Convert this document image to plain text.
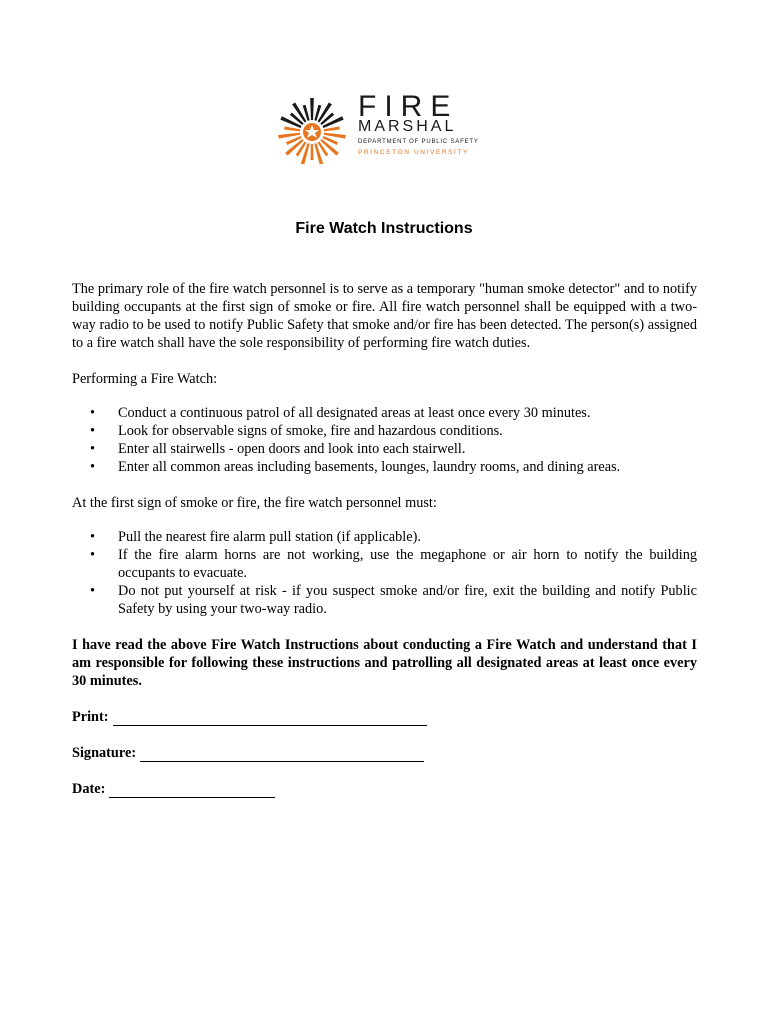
FIRE
MARSHAL
DEPARTMENT OF PUBLIC SAFETY
PRINCETON UNIVERSITY
Fire Watch Instructions

The primary role of the fire watch personnel is to serve as a temporary "human smoke detector" and to notify building occupants at the first sign of smoke or fire. All fire watch personnel shall be equipped with a two-way radio to be used to notify Public Safety that smoke and/or fire has been detected. The person(s) assigned to a fire watch shall have the sole responsibility of performing fire watch duties.

Performing a Fire Watch:

• Conduct a continuous patrol of all designated areas at least once every 30 minutes.
• Look for observable signs of smoke, fire and hazardous conditions.
• Enter all stairwells - open doors and look into each stairwell.
• Enter all common areas including basements, lounges, laundry rooms, and dining areas.

At the first sign of smoke or fire, the fire watch personnel must:

• Pull the nearest fire alarm pull station (if applicable).
• If the fire alarm horns are not working, use the megaphone or air horn to notify the building occupants to evacuate.
• Do not put yourself at risk - if you suspect smoke and/or fire, exit the building and notify Public Safety by using your two-way radio.

I have read the above Fire Watch Instructions about conducting a Fire Watch and understand that I am responsible for following these instructions and patrolling all designated areas at least once every 30 minutes.

Print:
Signature:
Date:
